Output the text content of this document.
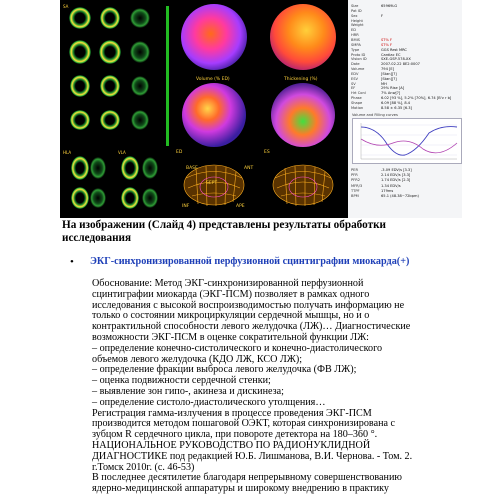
SA
HLA	VLA
Volume (% ED)	Thickening (%)
ED	ES
BASE
SEPT
ANT
APE
INF
Size	65969LG
Pat ID
Sex	F
Height
Weight
ED
HRR
BMIS	ST% F
SMPA	ST% F
Type	GGS Rest MRC
Proto ID	Cardiac EC
Vision ID	SXE-GSP-578-XX
Date	2007.02.22 8E2:0007
Volume	794 [E]
EDV	[Stan][?]
ESV	[Stan][?]
SV	MH
EF	29% Rise [A]
Hrt Conl	7% Anw[?]
Phase	6.02 [93 %], 5.2% [70%], 6.74 [B'v r b]
Shape	6.09 [88 %], 8.4
Motion	8.58 ± 6.35 [6.3]
Volume and Filling curves
PER	-3.09 EDV/s [3.3]
PFR	2.14 EDV/s [3.3]
PFR2	1.74 EDV/s [2.3]
MFR/3	1.34 EDV/s
TTPF	179ms
BPM	65.1 (48.38~72bpm)
На изображении (Слайд 4) представлены результаты обработки
исследования
• ЭКГ-синхронизированной перфузионной сцинтиграфии миокарда(+)
Обоснование: Метод ЭКГ-синхронизированной перфузионной
сцинтиграфии миокарда (ЭКГ-ПСМ) позволяет в рамках одного
исследования с высокой воспроизводимостью получать информацию не
только о состоянии микроциркуляции сердечной мышцы, но и о
контрактильной способности левого желудочка (ЛЖ)… Диагностические
возможности ЭКГ-ПСМ в оценке сократительной функции ЛЖ:
– определение конечно-систолического и конечно-диастолического
объемов левого желудочка (КДО ЛЖ, КСО ЛЖ);
– определение фракции выброса левого желудочка (ФВ ЛЖ);
– оценка подвижности сердечной стенки;
– выявление зон гипо-, акинеза и дискинеза;
– определение систоло-диастолического утолщения…
Регистрация гамма-излучения в процессе проведения ЭКГ-ПСМ
производится методом пошаговой ОЭКТ, которая синхронизирована с
зубцом R сердечного цикла, при повороте детектора на 180–360 °.
НАЦИОНАЛЬНОЕ РУКОВОДСТВО ПО РАДИОНУКЛИДНОЙ
ДИАГНОСТИКЕ под редакцией Ю.Б. Лишманова, В.И. Чернова. - Том. 2.
г.Томск 2010г. (с. 46-53)
В последнее десятилетие благодаря непрерывному совершенствованию
ядерно-медицинской аппаратуры и широкому внедрению в практику
